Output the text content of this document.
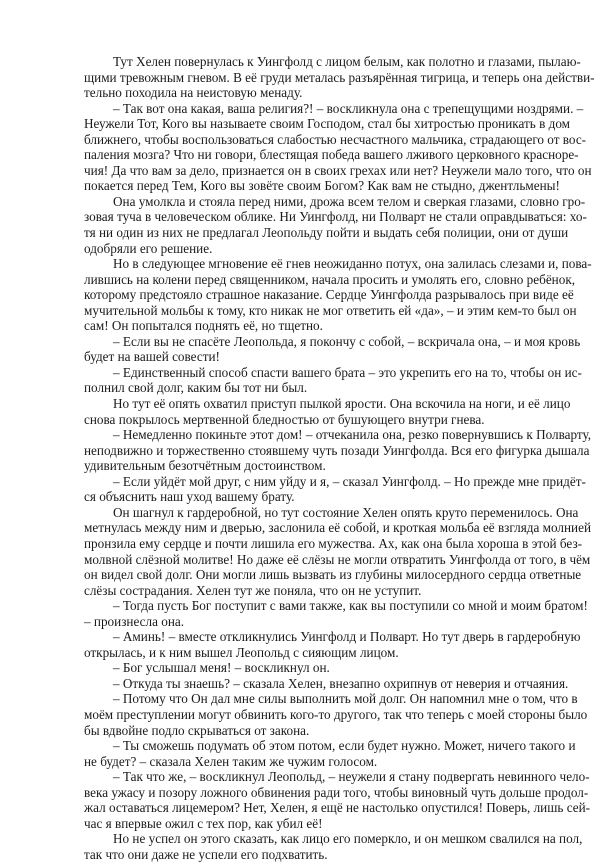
Тут Хелен повернулась к Уингфолд с лицом белым, как полотно и глазами, пылаю-
щими тревожным гневом. В её груди металась разъярённая тигрица, и теперь она действи-
тельно походила на неистовую менаду.
– Так вот она какая, ваша религия?! – воскликнула она с трепещущими ноздрями. –
Неужели Тот, Кого вы называете своим Господом, стал бы хитростью проникать в дом
ближнего, чтобы воспользоваться слабостью несчастного мальчика, страдающего от вос-
паления мозга? Что ни говори, блестящая победа вашего лживого церковного красноре-
чия! Да что вам за дело, признается он в своих грехах или нет? Неужели мало того, что он
покается перед Тем, Кого вы зовёте своим Богом? Как вам не стыдно, джентльмены!
Она умолкла и стояла перед ними, дрожа всем телом и сверкая глазами, словно гро-
зовая туча в человеческом облике. Ни Уингфолд, ни Полварт не стали оправдываться: хо-
тя ни один из них не предлагал Леопольду пойти и выдать себя полиции, они от души
одобряли его решение.
Но в следующее мгновение её гнев неожиданно потух, она залилась слезами и, пова-
лившись на колени перед священником, начала просить и умолять его, словно ребёнок,
которому предстояло страшное наказание. Сердце Уингфолда разрывалось при виде её
мучительной мольбы к тому, кто никак не мог ответить ей «да», – и этим кем-то был он
сам! Он попытался поднять её, но тщетно.
– Если вы не спасёте Леопольда, я покончу с собой, – вскричала она, – и моя кровь
будет на вашей совести!
– Единственный способ спасти вашего брата – это укрепить его на то, чтобы он ис-
полнил свой долг, каким бы тот ни был.
Но тут её опять охватил приступ пылкой ярости. Она вскочила на ноги, и её лицо
снова покрылось мертвенной бледностью от бушующего внутри гнева.
– Немедленно покиньте этот дом! – отчеканила она, резко повернувшись к Полварту,
неподвижно и торжественно стоявшему чуть позади Уингфолда. Вся его фигурка дышала
удивительным безотчётным достоинством.
– Если уйдёт мой друг, с ним уйду и я, – сказал Уингфолд. – Но прежде мне придёт-
ся объяснить наш уход вашему брату.
Он шагнул к гардеробной, но тут состояние Хелен опять круто переменилось. Она
метнулась между ним и дверью, заслонила её собой, и кроткая мольба её взгляда молнией
пронзила ему сердце и почти лишила его мужества. Ах, как она была хороша в этой без-
молвной слёзной молитве! Но даже её слёзы не могли отвратить Уингфолда от того, в чём
он видел свой долг. Они могли лишь вызвать из глубины милосердного сердца ответные
слёзы сострадания. Хелен тут же поняла, что он не уступит.
– Тогда пусть Бог поступит с вами также, как вы поступили со мной и моим братом!
– произнесла она.
– Аминь! – вместе откликнулись Уингфолд и Полварт. Но тут дверь в гардеробную
открылась, и к ним вышел Леопольд с сияющим лицом.
– Бог услышал меня! – воскликнул он.
– Откуда ты знаешь? – сказала Хелен, внезапно охрипнув от неверия и отчаяния.
– Потому что Он дал мне силы выполнить мой долг. Он напомнил мне о том, что в
моём преступлении могут обвинить кого-то другого, так что теперь с моей стороны было
бы вдвойне подло скрываться от закона.
– Ты сможешь подумать об этом потом, если будет нужно. Может, ничего такого и
не будет? – сказала Хелен таким же чужим голосом.
– Так что же, – воскликнул Леопольд, – неужели я стану подвергать невинного чело-
века ужасу и позору ложного обвинения ради того, чтобы виновный чуть дольше продол-
жал оставаться лицемером? Нет, Хелен, я ещё не настолько опустился! Поверь, лишь сей-
час я впервые ожил с тех пор, как убил её!
Но не успел он этого сказать, как лицо его померкло, и он мешком свалился на пол,
так что они даже не успели его подхватить.
